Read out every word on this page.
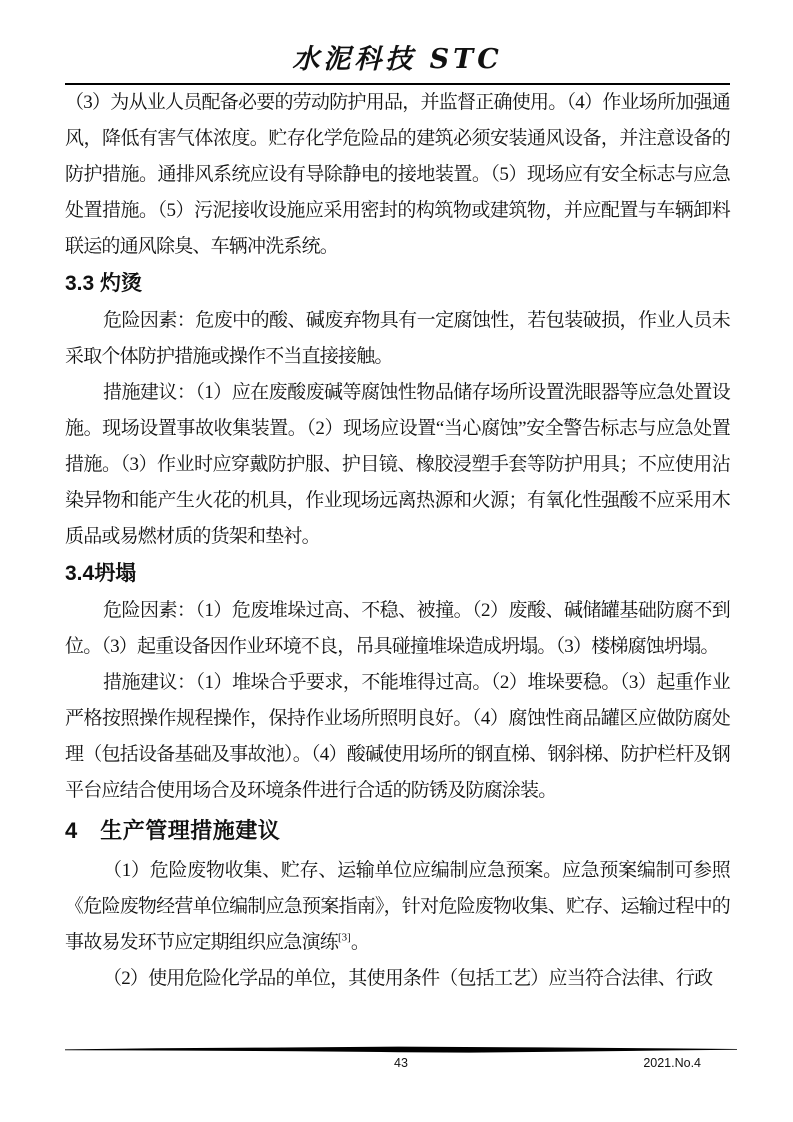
水泥科技 STC

（3）为从业人员配备必要的劳动防护用品，并监督正确使用。（4）作业场所加强通风，降低有害气体浓度。贮存化学危险品的建筑必须安装通风设备，并注意设备的防护措施。通排风系统应设有导除静电的接地装置。（5）现场应有安全标志与应急处置措施。（5）污泥接收设施应采用密封的构筑物或建筑物，并应配置与车辆卸料联运的通风除臭、车辆冲洗系统。

3.3 灼烫

危险因素：危废中的酸、碱废弃物具有一定腐蚀性，若包装破损，作业人员未采取个体防护措施或操作不当直接接触。

措施建议：（1）应在废酸废碱等腐蚀性物品储存场所设置洗眼器等应急处置设施。现场设置事故收集装置。（2）现场应设置“当心腐蚀”安全警告标志与应急处置措施。（3）作业时应穿戴防护服、护目镜、橡胶浸塑手套等防护用具；不应使用沾染异物和能产生火花的机具，作业现场远离热源和火源；有氧化性强酸不应采用木质品或易燃材质的货架和垫衬。

3.4坍塌

危险因素：（1）危废堆垛过高、不稳、被撞。（2）废酸、碱储罐基础防腐不到位。（3）起重设备因作业环境不良，吊具碰撞堆垛造成坍塌。（3）楼梯腐蚀坍塌。

措施建议：（1）堆垛合乎要求，不能堆得过高。（2）堆垛要稳。（3）起重作业严格按照操作规程操作，保持作业场所照明良好。（4）腐蚀性商品罐区应做防腐处理（包括设备基础及事故池）。（4）酸碱使用场所的钢直梯、钢斜梯、防护栏杆及钢平台应结合使用场合及环境条件进行合适的防锈及防腐涂装。

4　生产管理措施建议

（1）危险废物收集、贮存、运输单位应编制应急预案。应急预案编制可参照《危险废物经营单位编制应急预案指南》，针对危险废物收集、贮存、运输过程中的事故易发环节应定期组织应急演练[3]。

（2）使用危险化学品的单位，其使用条件（包括工艺）应当符合法律、行政

43	2021.No.4
